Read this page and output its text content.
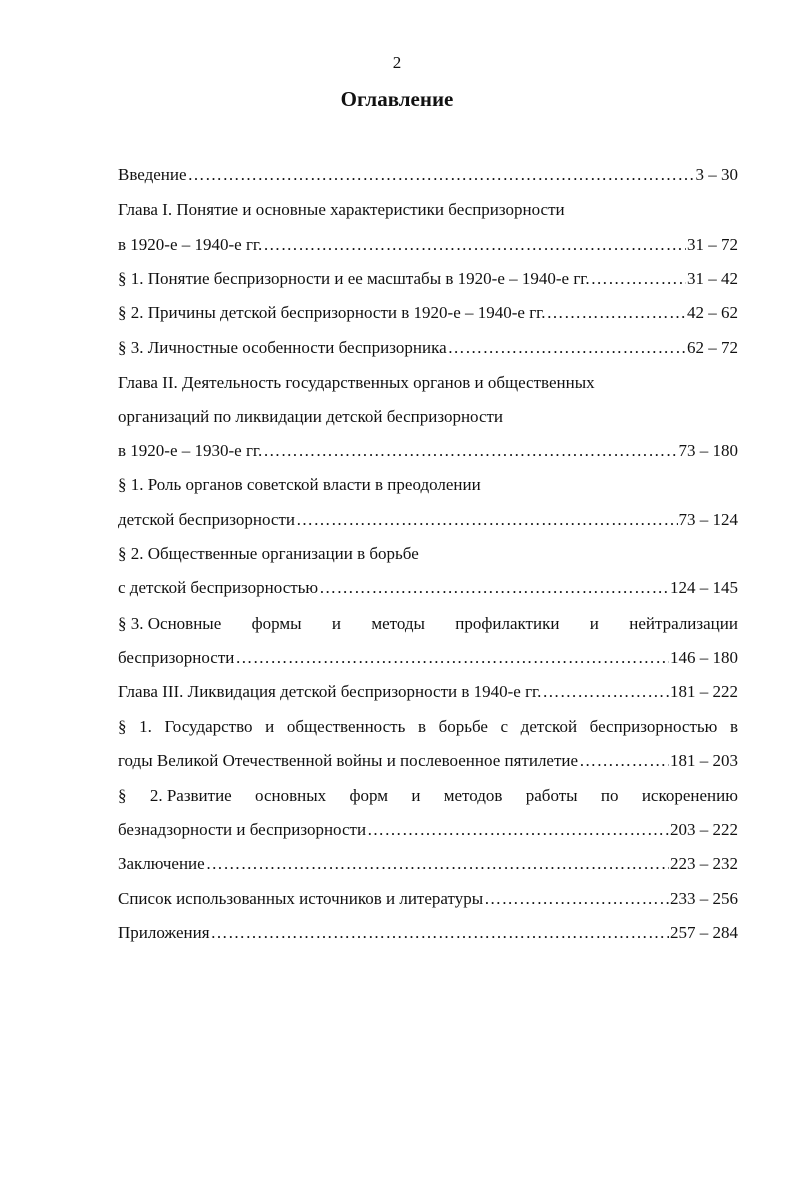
2
Оглавление
Введение ……………………………………………………………………………………………………………………………………………………	3 – 30
Глава I. Понятие и основные характеристики беспризорности
в 1920-е – 1940-е гг. ……………………………………………………………………………………………………………………………………………………	31 – 72
§ 1. Понятие беспризорности и ее масштабы в 1920-е – 1940-е гг. ……………………………………………………………………………………………………………………………………………………	31 – 42
§ 2. Причины детской беспризорности в 1920-е – 1940-е гг. ……………………………………………………………………………………………………………………………………………………	42 – 62
§ 3. Личностные особенности беспризорника ……………………………………………………………………………………………………………………………………………………	62 – 72
Глава II. Деятельность государственных органов и общественных
организаций по ликвидации детской беспризорности
в 1920-е – 1930-е гг. ……………………………………………………………………………………………………………………………………………………	73 – 180
§ 1. Роль органов советской власти в преодолении
детской беспризорности ……………………………………………………………………………………………………………………………………………………	73 – 124
§ 2. Общественные организации в борьбе
с детской беспризорностью ……………………………………………………………………………………………………………………………………………………	124 – 145
§ 3. Основные формы и методы профилактики и нейтрализации
беспризорности ……………………………………………………………………………………………………………………………………………………	146 – 180
Глава III. Ликвидация детской беспризорности в 1940-е гг. ……………………………………………………………………………………………………………………………………………………	181 – 222
§ 1. Государство и общественность в борьбе с детской беспризорностью в
годы Великой Отечественной войны и послевоенное пятилетие ……………………………………………………………………………………………………………………………………………………	181 – 203
§ 2. Развитие основных форм и методов работы по искоренению
безнадзорности и беспризорности ……………………………………………………………………………………………………………………………………………………	203 – 222
Заключение ……………………………………………………………………………………………………………………………………………………	223 – 232
Список использованных источников и литературы ……………………………………………………………………………………………………………………………………………………	233 – 256
Приложения ……………………………………………………………………………………………………………………………………………………	257 – 284
